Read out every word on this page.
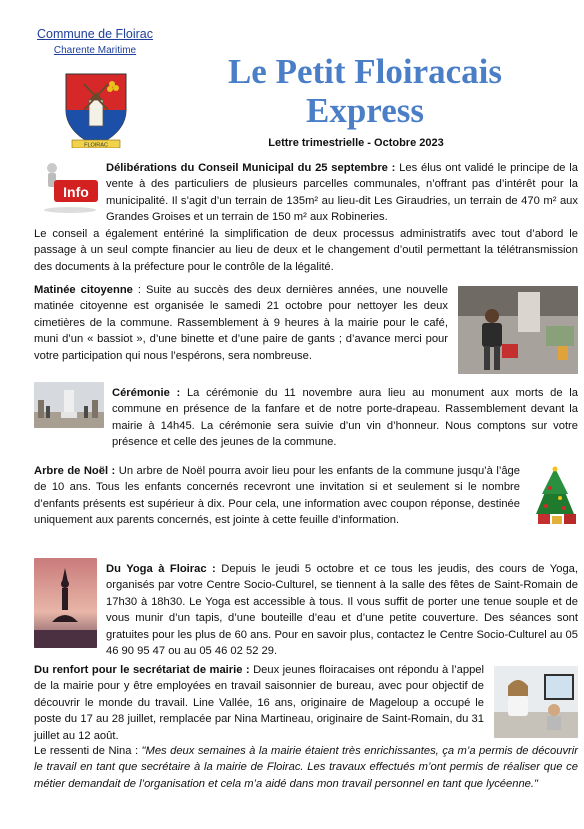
Commune de Floirac
Charente Maritime
FLOIRAC
Le Petit Floiracais
Express
Lettre trimestrielle - Octobre 2023
Info
Délibérations du Conseil Municipal du 25 septembre : Les élus ont validé le principe de la vente à des particuliers de plusieurs parcelles communales, n’offrant pas d’intérêt pour la municipalité. Il s’agit d’un terrain de 135m² au lieu-dit Les Giraudries, un terrain de 470 m² aux Grandes Groises et un terrain de 150 m² aux Robineries.
Le conseil a également entériné la simplification de deux processus administratifs avec tout d’abord le passage à un seul compte financier au lieu de deux et le changement d’outil permettant la télétransmission des documents à la préfecture pour le contrôle de la légalité.
Matinée citoyenne : Suite au succès des deux dernières années, une nouvelle matinée citoyenne est organisée le samedi 21 octobre pour nettoyer les deux cimetières de la commune. Rassemblement à 9 heures à la mairie pour le café, muni d’un « bassiot », d’une binette et d’une paire de gants ; d’avance merci pour votre participation qui nous l’espérons, sera nombreuse.
Cérémonie : La cérémonie du 11 novembre aura lieu au monument aux morts de la commune en présence de la fanfare et de notre porte-drapeau. Rassemblement devant la mairie à 14h45. La cérémonie sera suivie d’un vin d’honneur. Nous comptons sur votre présence et celle des jeunes de la commune.
Arbre de Noël : Un arbre de Noël pourra avoir lieu pour les enfants de la commune jusqu’à l’âge de 10 ans. Tous les enfants concernés recevront une invitation si et seulement si le nombre d’enfants présents est supérieur à dix. Pour cela, une information avec coupon réponse, destinée uniquement aux parents concernés, est jointe à cette feuille d’information.
Du Yoga à Floirac : Depuis le jeudi 5 octobre et ce tous les jeudis, des cours de Yoga, organisés par votre Centre Socio-Culturel, se tiennent à la salle des fêtes de Saint-Romain de 17h30 à 18h30. Le Yoga est accessible à tous. Il vous suffit de porter une tenue souple et de vous munir d’un tapis, d’une bouteille d’eau et d’une petite couverture. Des séances sont gratuites pour les plus de 60 ans. Pour en savoir plus, contactez le Centre Socio-Culturel au 05 46 90 95 47 ou au 05 46 02 52 29.
Du renfort pour le secrétariat de mairie : Deux jeunes floiracaises ont répondu à l’appel de la mairie pour y être employées en travail saisonnier de bureau, avec pour objectif de découvrir le monde du travail. Line Vallée, 16 ans, originaire de Mageloup a occupé le poste du 17 au 28 juillet, remplacée par Nina Martineau, originaire de Saint-Romain, du 31 juillet au 12 août.
Le ressenti de Nina : "Mes deux semaines à la mairie étaient très enrichissantes, ça m’a permis de découvrir le travail en tant que secrétaire à la mairie de Floirac. Les travaux effectués m’ont permis de réaliser que ce métier demandait de l’organisation et cela m’a aidé dans mon travail personnel en tant que lycéenne."
